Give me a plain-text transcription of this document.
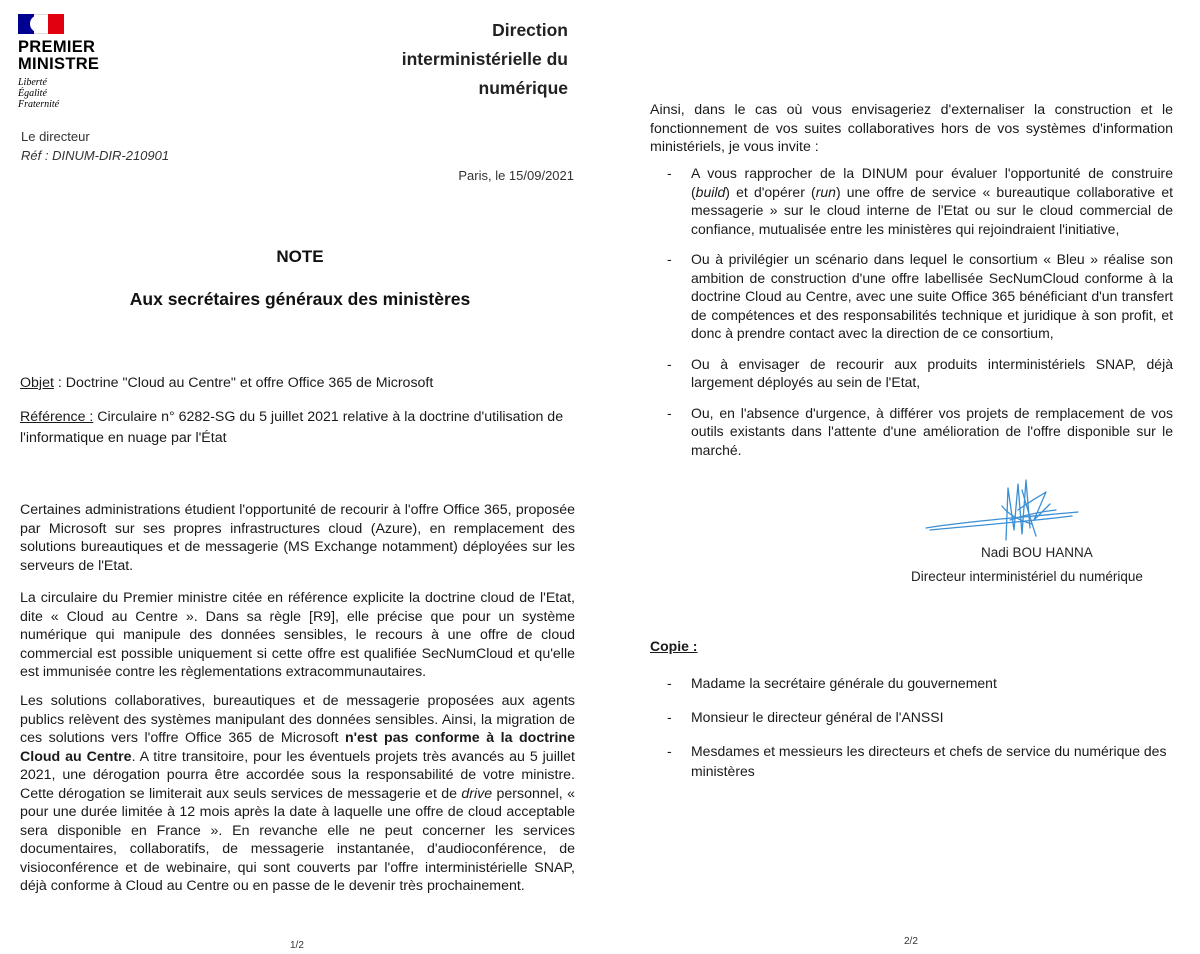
PREMIER
MINISTRE
Liberté
Égalité
Fraternité
Direction
interministérielle du
numérique
Le directeur
Réf : DINUM-DIR-210901
Paris, le 15/09/2021
NOTE
Aux secrétaires généraux des ministères
Objet : Doctrine "Cloud au Centre" et offre Office 365 de Microsoft
Référence : Circulaire n° 6282-SG du 5 juillet 2021 relative à la doctrine d'utilisation de
l'informatique en nuage par l'État
Certaines administrations étudient l'opportunité de recourir à l'offre Office 365, proposée par Microsoft sur ses propres infrastructures cloud (Azure), en remplacement des solutions bureautiques et de messagerie (MS Exchange notamment) déployées sur les serveurs de l'Etat.
La circulaire du Premier ministre citée en référence explicite la doctrine cloud de l'Etat, dite « Cloud au Centre ». Dans sa règle [R9], elle précise que pour un système numérique qui manipule des données sensibles, le recours à une offre de cloud commercial est possible uniquement si cette offre est qualifiée SecNumCloud et qu'elle est immunisée contre les règlementations extracommunautaires.
Les solutions collaboratives, bureautiques et de messagerie proposées aux agents publics relèvent des systèmes manipulant des données sensibles. Ainsi, la migration de ces solutions vers l'offre Office 365 de Microsoft n'est pas conforme à la doctrine Cloud au Centre. A titre transitoire, pour les éventuels projets très avancés au 5 juillet 2021, une dérogation pourra être accordée sous la responsabilité de votre ministre. Cette dérogation se limiterait aux seuls services de messagerie et de drive personnel, « pour une durée limitée à 12 mois après la date à laquelle une offre de cloud acceptable sera disponible en France ». En revanche elle ne peut concerner les services documentaires, collaboratifs, de messagerie instantanée, d'audioconférence, de visioconférence et de webinaire, qui sont couverts par l'offre interministérielle SNAP, déjà conforme à Cloud au Centre ou en passe de le devenir très prochainement.
1/2
Ainsi, dans le cas où vous envisageriez d'externaliser la construction et le fonctionnement de vos suites collaboratives hors de vos systèmes d'information ministériels, je vous invite :
- A vous rapprocher de la DINUM pour évaluer l'opportunité de construire (build) et d'opérer (run) une offre de service « bureautique collaborative et messagerie » sur le cloud interne de l'Etat ou sur le cloud commercial de confiance, mutualisée entre les ministères qui rejoindraient l'initiative,
- Ou à privilégier un scénario dans lequel le consortium « Bleu » réalise son ambition de construction d'une offre labellisée SecNumCloud conforme à la doctrine Cloud au Centre, avec une suite Office 365 bénéficiant d'un transfert de compétences et des responsabilités technique et juridique à son profit, et donc à prendre contact avec la direction de ce consortium,
- Ou à envisager de recourir aux produits interministériels SNAP, déjà largement déployés au sein de l'Etat,
- Ou, en l'absence d'urgence, à différer vos projets de remplacement de vos outils existants dans l'attente d'une amélioration de l'offre disponible sur le marché.
Nadi BOU HANNA
Directeur interministériel du numérique
Copie :
- Madame la secrétaire générale du gouvernement
- Monsieur le directeur général de l'ANSSI
- Mesdames et messieurs les directeurs et chefs de service du numérique des ministères
2/2
